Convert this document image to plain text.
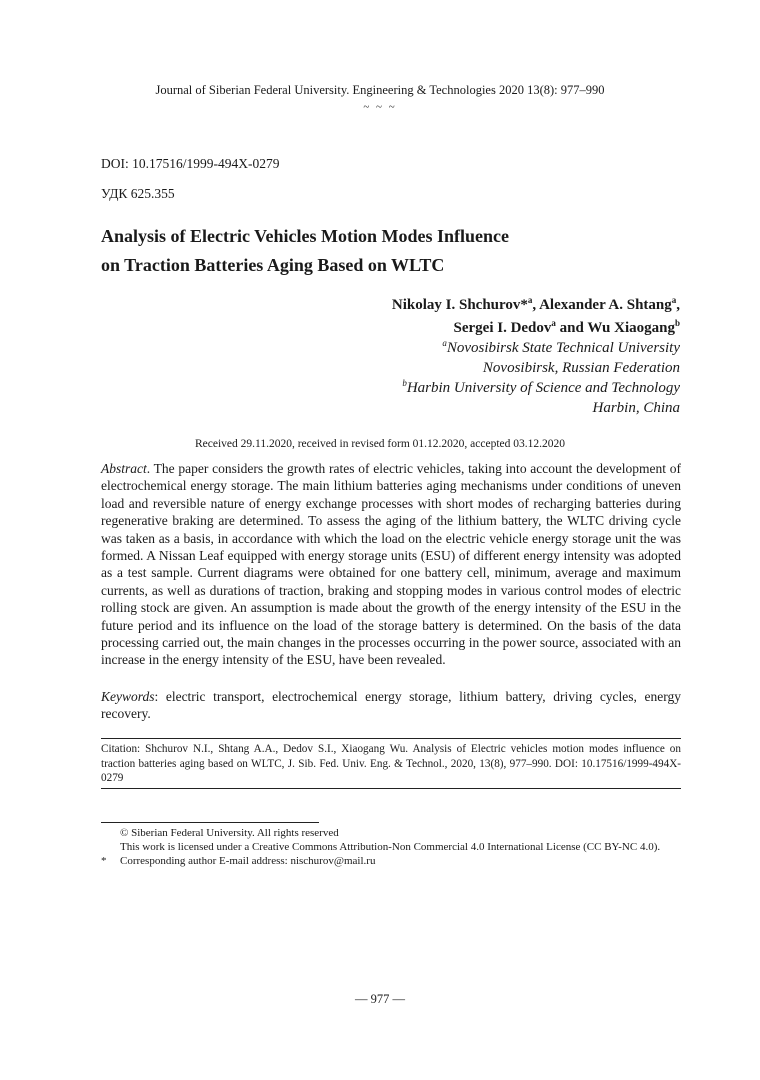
Journal of Siberian Federal University. Engineering & Technologies 2020 13(8): 977–990
~ ~ ~
DOI: 10.17516/1999-494X-0279
УДК 625.355
Analysis of Electric Vehicles Motion Modes Influence
on Traction Batteries Aging Based on WLTC
Nikolay I. Shchurov*$^a$, Alexander A. Shtang$^a$,
Sergei I. Dedov$^a$ and Wu Xiaogang$^b$
$^a$Novosibirsk State Technical University
Novosibirsk, Russian Federation
$^b$Harbin University of Science and Technology
Harbin, China
Received 29.11.2020, received in revised form 01.12.2020, accepted 03.12.2020
Abstract. The paper considers the growth rates of electric vehicles, taking into account the development of electrochemical energy storage. The main lithium batteries aging mechanisms under conditions of uneven load and reversible nature of energy exchange processes with short modes of recharging batteries during regenerative braking are determined. To assess the aging of the lithium battery, the WLTC driving cycle was taken as a basis, in accordance with which the load on the electric vehicle energy storage unit the was formed. A Nissan Leaf equipped with energy storage units (ESU) of different energy intensity was adopted as a test sample. Current diagrams were obtained for one battery cell, minimum, average and maximum currents, as well as durations of traction, braking and stopping modes in various control modes of electric rolling stock are given. An assumption is made about the growth of the energy intensity of the ESU in the future period and its influence on the load of the storage battery is determined. On the basis of the data processing carried out, the main changes in the processes occurring in the power source, associated with an increase in the energy intensity of the ESU, have been revealed.
Keywords: electric transport, electrochemical energy storage, lithium battery, driving cycles, energy recovery.
Citation: Shchurov N.I., Shtang A.A., Dedov S.I., Xiaogang Wu. Analysis of Electric vehicles motion modes influence on traction batteries aging based on WLTC, J. Sib. Fed. Univ. Eng. & Technol., 2020, 13(8), 977–990. DOI: 10.17516/1999-494X-0279
© Siberian Federal University. All rights reserved
This work is licensed under a Creative Commons Attribution-Non Commercial 4.0 International License (CC BY-NC 4.0).
* Corresponding author E-mail address: nischurov@mail.ru
— 977 —
